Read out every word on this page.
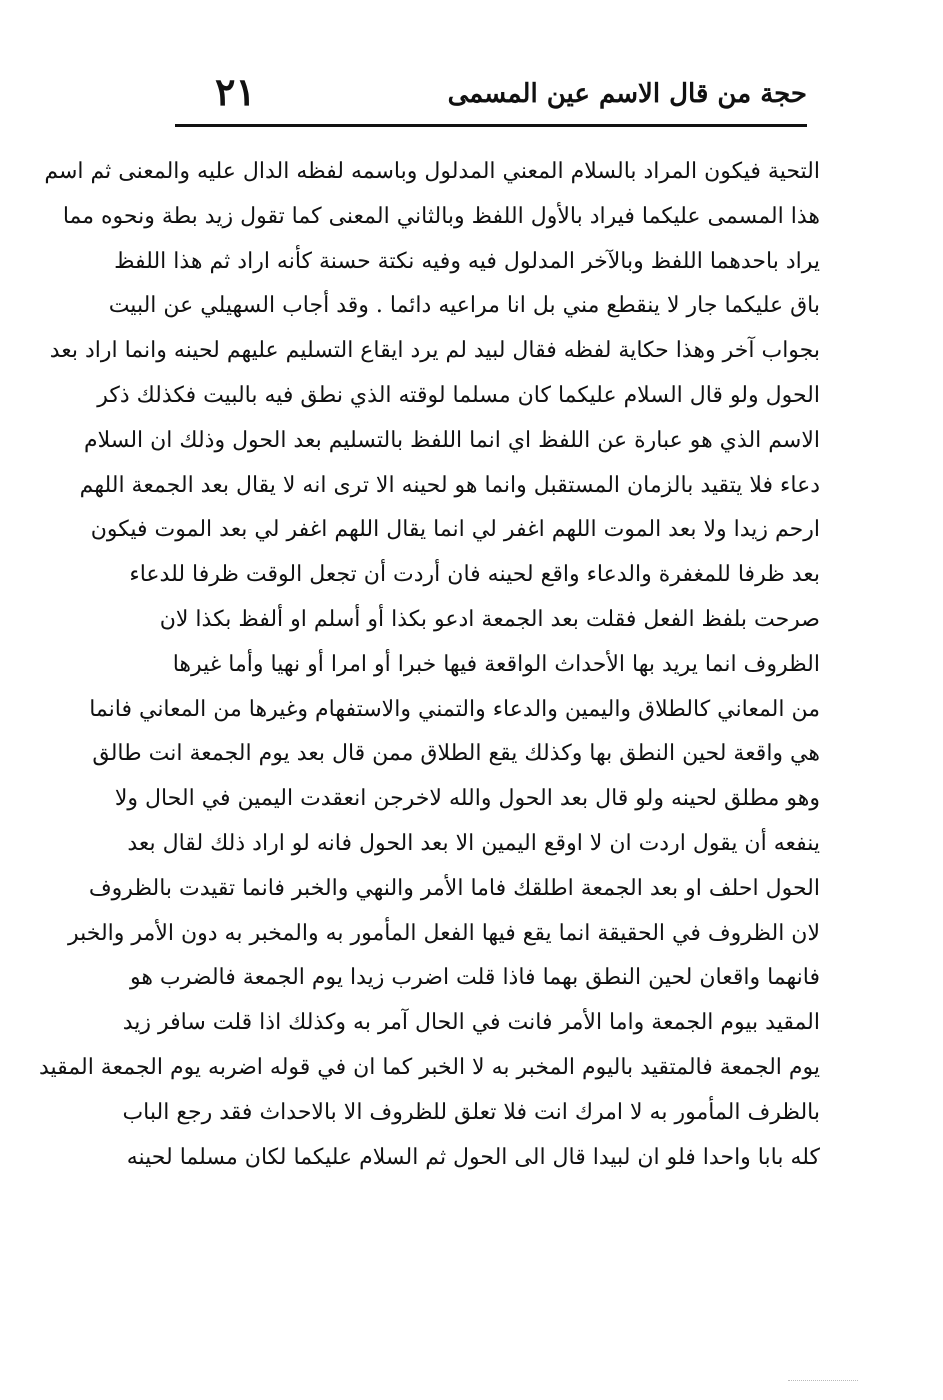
٢١	حجة من قال الاسم عين المسمى
التحية فيكون المراد بالسلام المعني المدلول وباسمه لفظه الدال عليه والمعنى ثم اسم
هذا المسمى عليكما فيراد بالأول اللفظ وبالثاني المعنى كما تقول زيد بطة ونحوه مما
يراد باحدهما اللفظ وبالآخر المدلول فيه وفيه نكتة حسنة كأنه اراد ثم هذا اللفظ
باق عليكما جار لا ينقطع مني بل انا مراعيه دائما . وقد أجاب السهيلي عن البيت
بجواب آخر وهذا حكاية لفظه فقال لبيد لم يرد ايقاع التسليم عليهم لحينه وانما اراد بعد
الحول ولو قال السلام عليكما كان مسلما لوقته الذي نطق فيه بالبيت فكذلك ذكر
الاسم الذي هو عبارة عن اللفظ اي انما اللفظ بالتسليم بعد الحول وذلك ان السلام
دعاء فلا يتقيد بالزمان المستقبل وانما هو لحينه الا ترى انه لا يقال بعد الجمعة اللهم
ارحم زيدا ولا بعد الموت اللهم اغفر لي انما يقال اللهم اغفر لي بعد الموت فيكون
بعد ظرفا للمغفرة والدعاء واقع لحينه فان أردت أن تجعل الوقت ظرفا للدعاء
صرحت بلفظ الفعل فقلت بعد الجمعة ادعو بكذا أو أسلم او ألفظ بكذا لان
الظروف انما يريد بها الأحداث الواقعة فيها خبرا أو امرا أو نهيا وأما غيرها
من المعاني كالطلاق واليمين والدعاء والتمني والاستفهام وغيرها من المعاني فانما
هي واقعة لحين النطق بها وكذلك يقع الطلاق ممن قال بعد يوم الجمعة انت طالق
وهو مطلق لحينه ولو قال بعد الحول والله لاخرجن انعقدت اليمين في الحال ولا
ينفعه أن يقول اردت ان لا اوقع اليمين الا بعد الحول فانه لو اراد ذلك لقال بعد
الحول احلف او بعد الجمعة اطلقك فاما الأمر والنهي والخبر فانما تقيدت بالظروف
لان الظروف في الحقيقة انما يقع فيها الفعل المأمور به والمخبر به دون الأمر والخبر
فانهما واقعان لحين النطق بهما فاذا قلت اضرب زيدا يوم الجمعة فالضرب هو
المقيد بيوم الجمعة واما الأمر فانت في الحال آمر به وكذلك اذا قلت سافر زيد
يوم الجمعة فالمتقيد باليوم المخبر به لا الخبر كما ان في قوله اضربه يوم الجمعة المقيد
بالظرف المأمور به لا امرك انت فلا تعلق للظروف الا بالاحداث فقد رجع الباب
كله بابا واحدا فلو ان لبيدا قال الى الحول ثم السلام عليكما لكان مسلما لحينه
